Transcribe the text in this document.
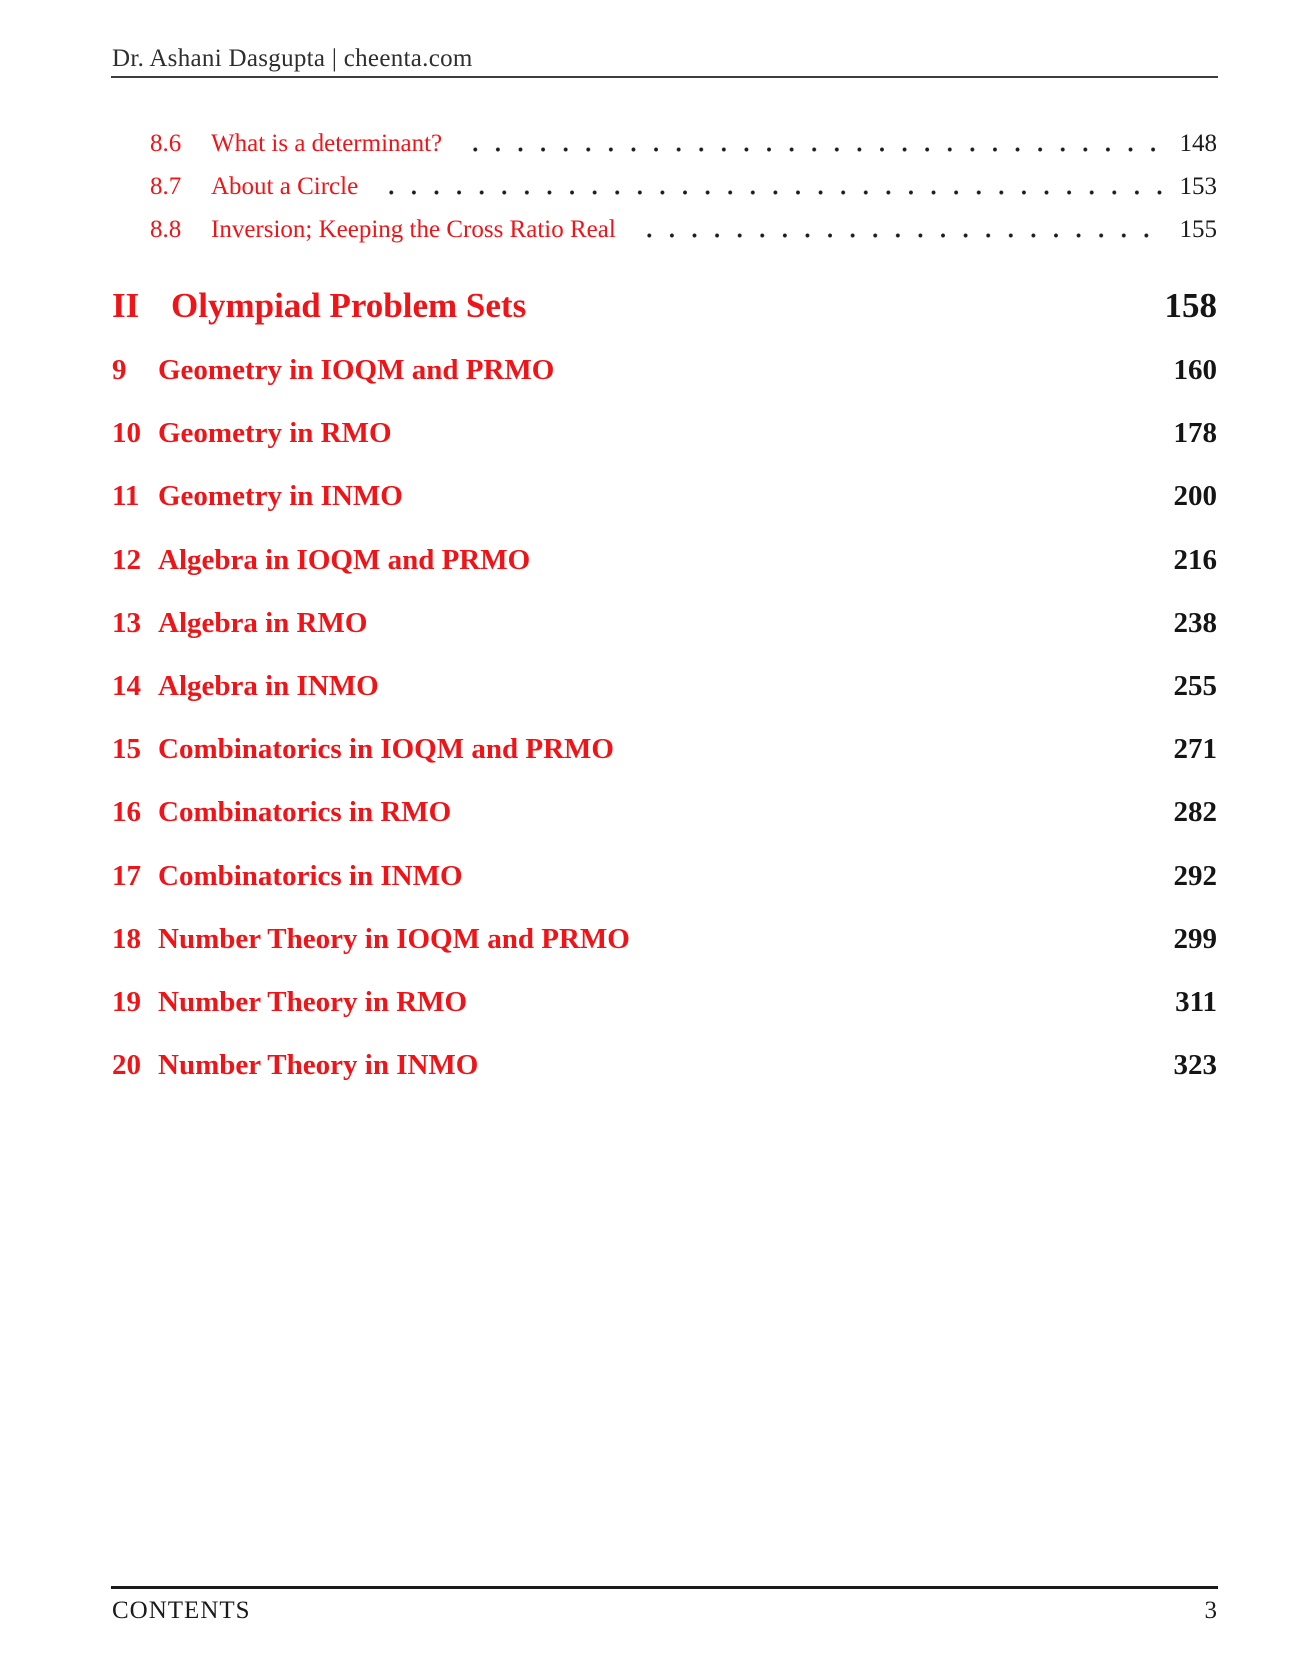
Dr. Ashani Dasgupta | cheenta.com
8.6	What is a determinant?	148
8.7	About a Circle	153
8.8	Inversion; Keeping the Cross Ratio Real	155
II Olympiad Problem Sets	158
9	Geometry in IOQM and PRMO	160
10 Geometry in RMO	178
11 Geometry in INMO	200
12 Algebra in IOQM and PRMO	216
13 Algebra in RMO	238
14 Algebra in INMO	255
15 Combinatorics in IOQM and PRMO	271
16 Combinatorics in RMO	282
17 Combinatorics in INMO	292
18 Number Theory in IOQM and PRMO	299
19 Number Theory in RMO	311
20 Number Theory in INMO	323
CONTENTS	3
